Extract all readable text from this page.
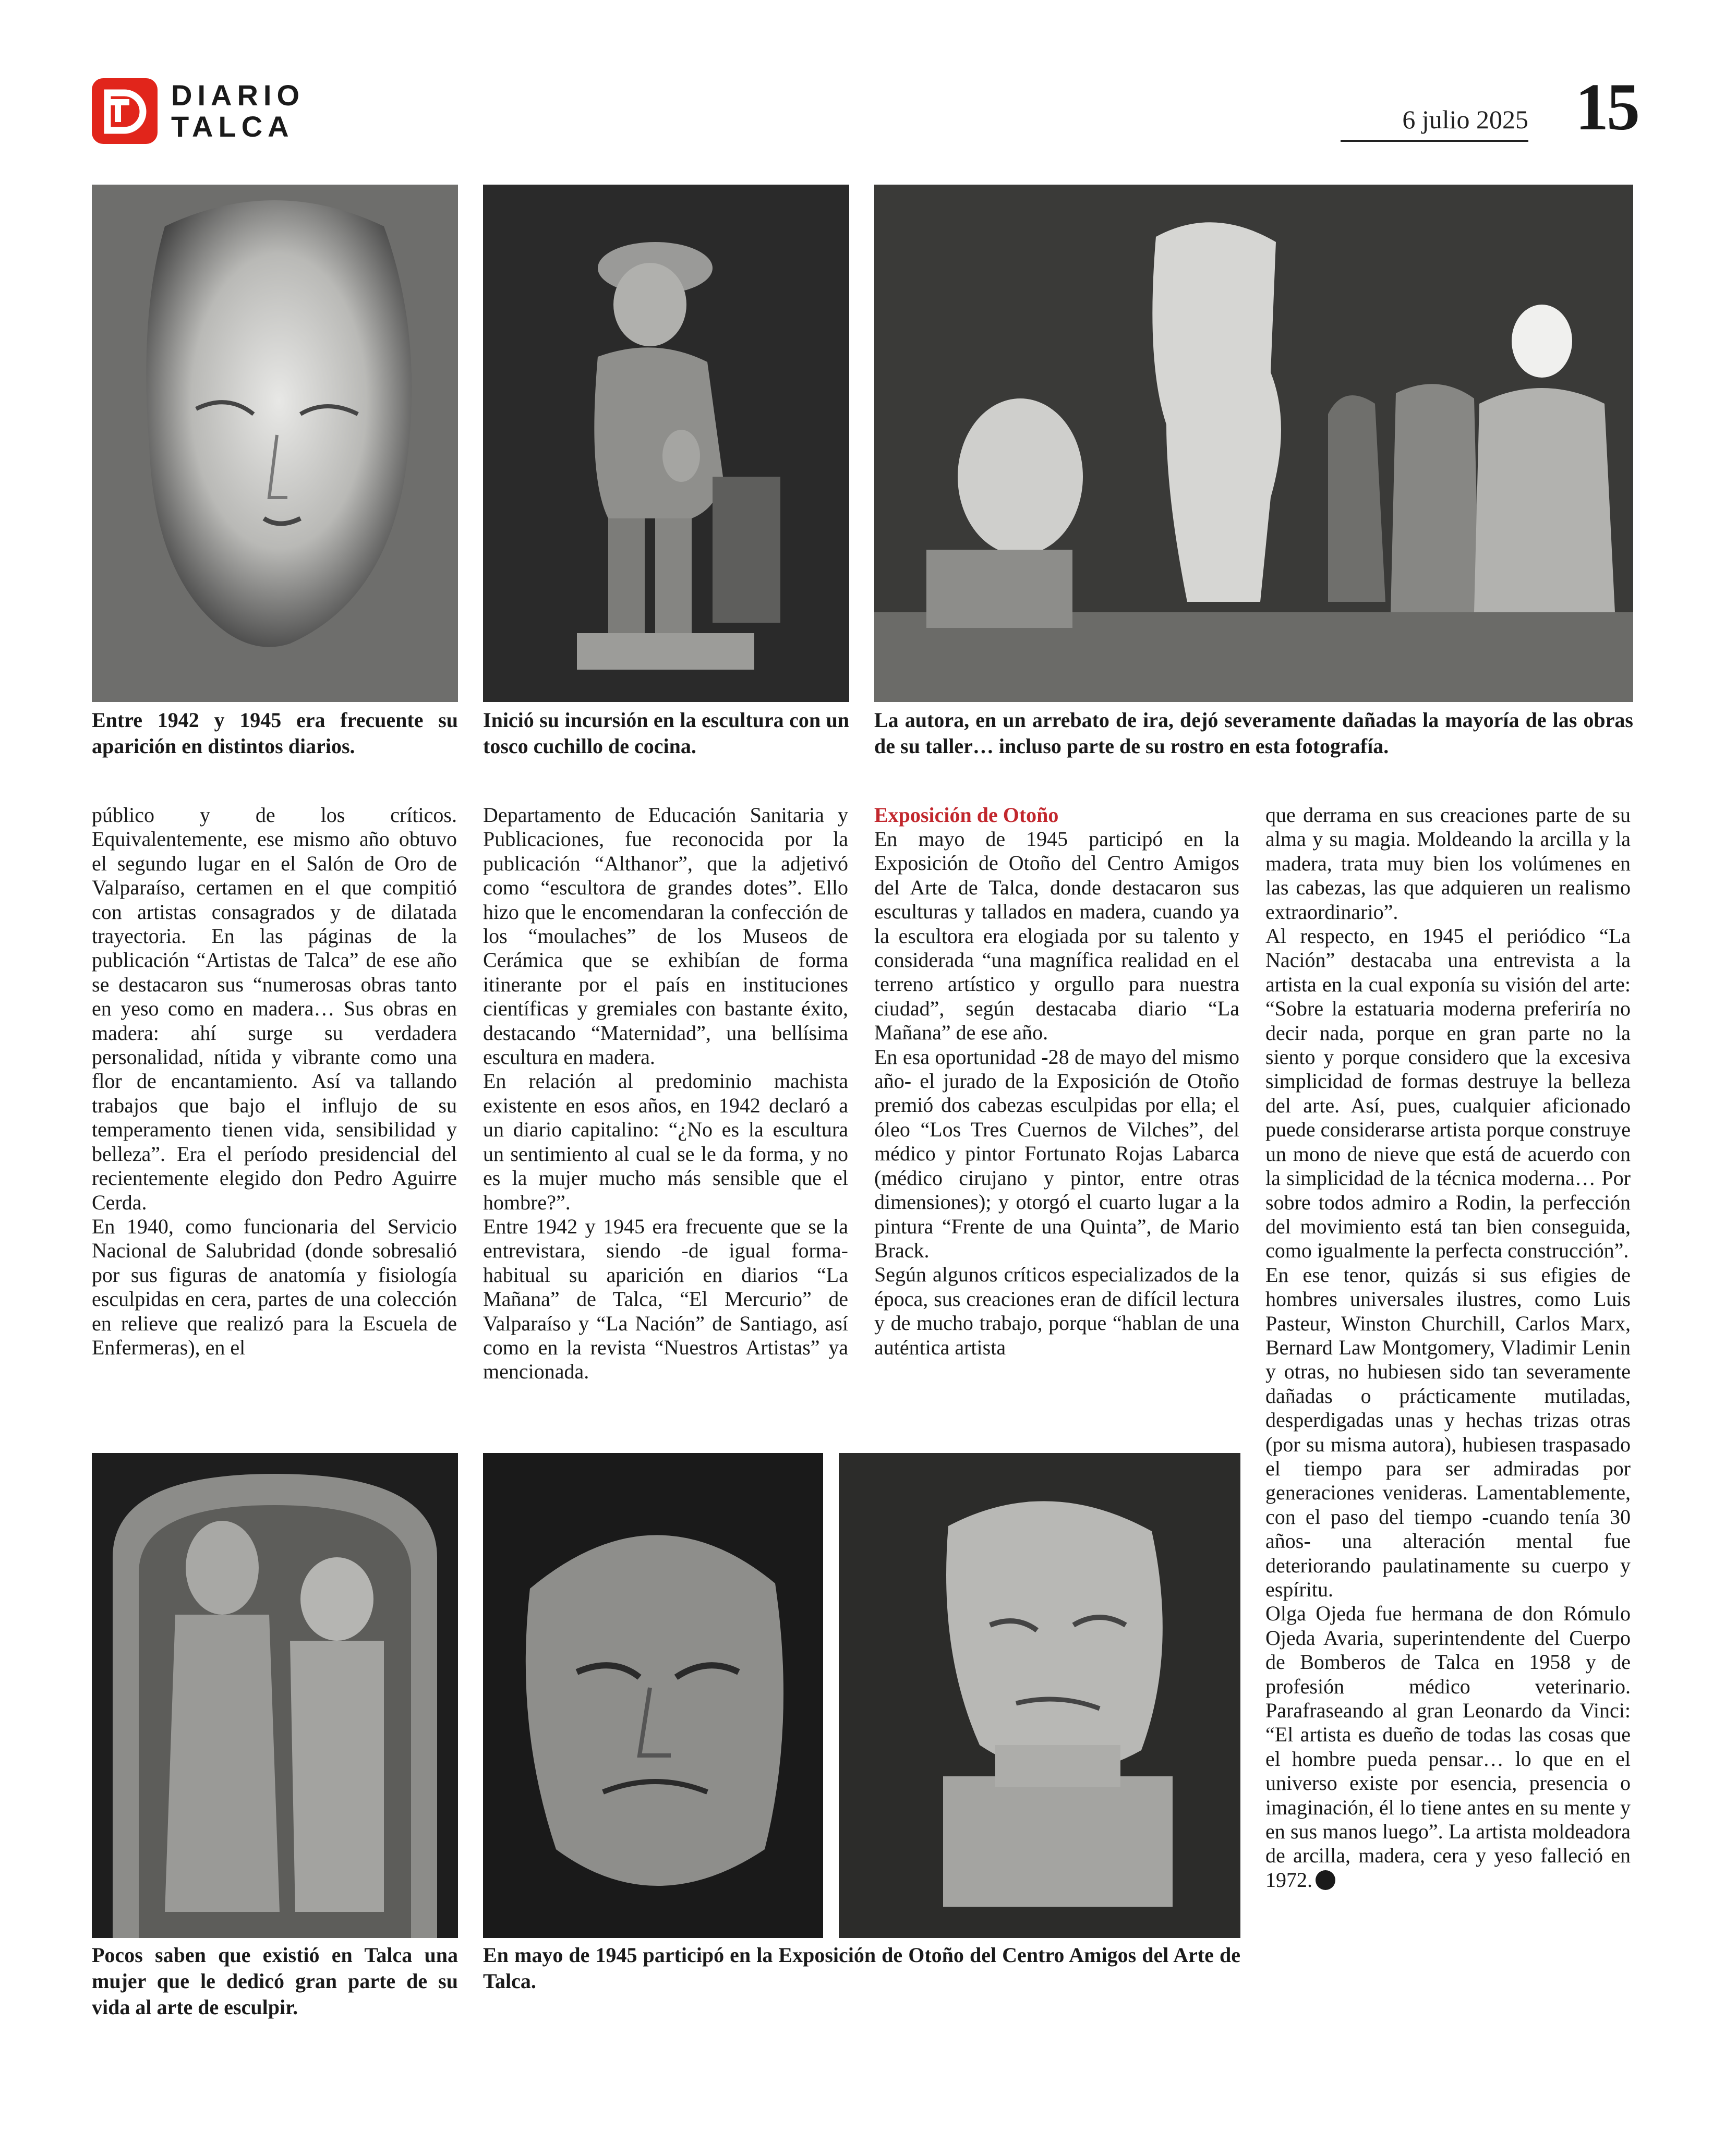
DIARIO
TALCA	6 julio 2025 15
Entre 1942 y 1945 era frecuente su aparición en distintos diarios.
Inició su incursión en la escultura con un tosco cuchillo de cocina.
La autora, en un arrebato de ira, dejó severamente dañadas la mayoría de las obras de su taller… incluso parte de su rostro en esta fotografía.

público y de los críticos. Equivalentemente, ese mismo año obtuvo el segundo lugar en el Salón de Oro de Valparaíso, certamen en el que compitió con artistas consagrados y de dilatada trayectoria. En las páginas de la publicación “Artistas de Talca” de ese año se destacaron sus “numerosas obras tanto en yeso como en madera… Sus obras en madera: ahí surge su verdadera personalidad, nítida y vibrante como una flor de encantamiento. Así va tallando trabajos que bajo el influjo de su temperamento tienen vida, sensibilidad y belleza”. Era el período presidencial del recientemente elegido don Pedro Aguirre Cerda.

En 1940, como funcionaria del Servicio Nacional de Salubridad (donde sobresalió por sus figuras de anatomía y fisiología esculpidas en cera, partes de una colección en relieve que realizó para la Escuela de Enfermeras), en el

Departamento de Educación Sanitaria y Publicaciones, fue reconocida por la publicación “Althanor”, que la adjetivó como “escultora de grandes dotes”. Ello hizo que le encomendaran la confección de los “moulaches” de los Museos de Cerámica que se exhibían de forma itinerante por el país en instituciones científicas y gremiales con bastante éxito, destacando “Maternidad”, una bellísima escultura en madera.

En relación al predominio machista existente en esos años, en 1942 declaró a un diario capitalino: “¿No es la escultura un sentimiento al cual se le da forma, y no es la mujer mucho más sensible que el hombre?”.

Entre 1942 y 1945 era frecuente que se la entrevistara, siendo -de igual forma- habitual su aparición en diarios “La Mañana” de Talca, “El Mercurio” de Valparaíso y “La Nación” de Santiago, así como en la revista “Nuestros Artistas” ya mencionada.

Exposición de Otoño

En mayo de 1945 participó en la Exposición de Otoño del Centro Amigos del Arte de Talca, donde destacaron sus esculturas y tallados en madera, cuando ya la escultora era elogiada por su talento y considerada “una magnífica realidad en el terreno artístico y orgullo para nuestra ciudad”, según destacaba diario “La Mañana” de ese año.

En esa oportunidad -28 de mayo del mismo año- el jurado de la Exposición de Otoño premió dos cabezas esculpidas por ella; el óleo “Los Tres Cuernos de Vilches”, del médico y pintor Fortunato Rojas Labarca (médico cirujano y pintor, entre otras dimensiones); y otorgó el cuarto lugar a la pintura “Frente de una Quinta”, de Mario Brack.

Según algunos críticos especializados de la época, sus creaciones eran de difícil lectura y de mucho trabajo, porque “hablan de una auténtica artista

que derrama en sus creaciones parte de su alma y su magia. Moldeando la arcilla y la madera, trata muy bien los volúmenes en las cabezas, las que adquieren un realismo extraordinario”.

Al respecto, en 1945 el periódico “La Nación” destacaba una entrevista a la artista en la cual exponía su visión del arte: “Sobre la estatuaria moderna preferiría no decir nada, porque en gran parte no la siento y porque considero que la excesiva simplicidad de formas destruye la belleza del arte. Así, pues, cualquier aficionado puede considerarse artista porque construye un mono de nieve que está de acuerdo con la simplicidad de la técnica moderna… Por sobre todos admiro a Rodin, la perfección del movimiento está tan bien conseguida, como igualmente la perfecta construcción”.

En ese tenor, quizás si sus efigies de hombres universales ilustres, como Luis Pasteur, Winston Churchill, Carlos Marx, Bernard Law Montgomery, Vladimir Lenin y otras, no hubiesen sido tan severamente dañadas o prácticamente mutiladas, desperdigadas unas y hechas trizas otras (por su misma autora), hubiesen traspasado el tiempo para ser admiradas por generaciones venideras. Lamentablemente, con el paso del tiempo -cuando tenía 30 años- una alteración mental fue deteriorando paulatinamente su cuerpo y espíritu.

Olga Ojeda fue hermana de don Rómulo Ojeda Avaria, superintendente del Cuerpo de Bomberos de Talca en 1958 y de profesión médico veterinario. Parafraseando al gran Leonardo da Vinci: “El artista es dueño de todas las cosas que el hombre pueda pensar… lo que en el universo existe por esencia, presencia o imaginación, él lo tiene antes en su mente y en sus manos luego”. La artista moldeadora de arcilla, madera, cera y yeso falleció en 1972.

Pocos saben que existió en Talca una mujer que le dedicó gran parte de su vida al arte de esculpir.
En mayo de 1945 participó en la Exposición de Otoño del Centro Amigos del Arte de Talca.
